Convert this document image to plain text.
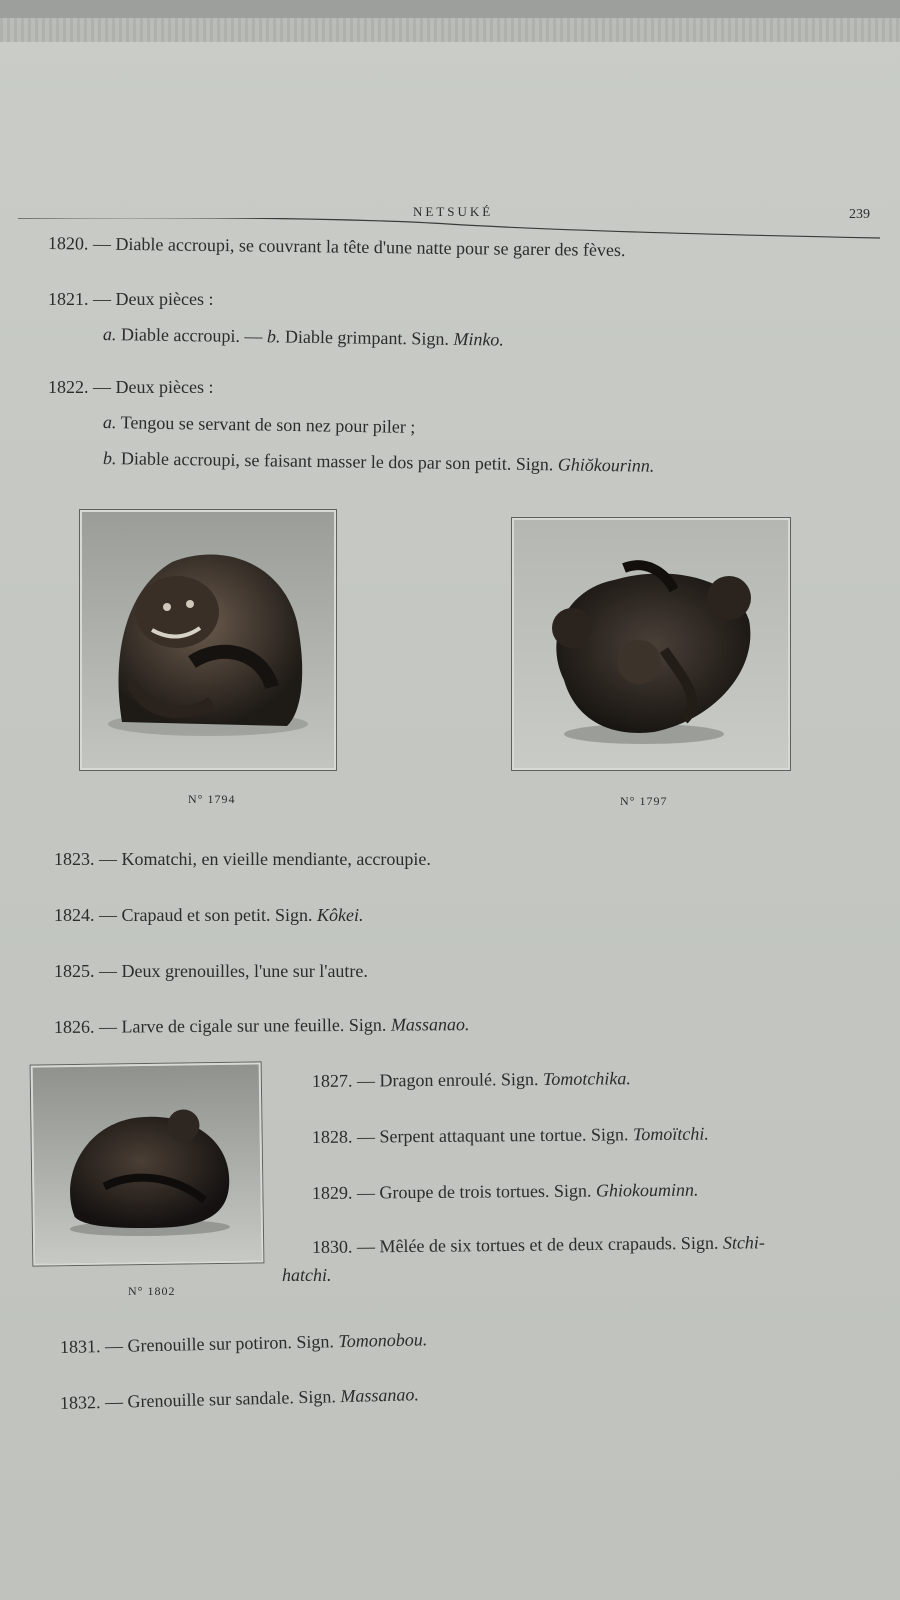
NETSUKÉ	239
1820. — Diable accroupi, se couvrant la tête d'une natte pour se garer des fèves.
1821. — Deux pièces :
a. Diable accroupi. — b. Diable grimpant. Sign. Minko.
1822. — Deux pièces :
a. Tengou se servant de son nez pour piler ;
b. Diable accroupi, se faisant masser le dos par son petit. Sign. Ghiŏkourinn.
N° 1794	N° 1797
1823. — Komatchi, en vieille mendiante, accroupie.
1824. — Crapaud et son petit. Sign. Kôkei.
1825. — Deux grenouilles, l'une sur l'autre.
1826. — Larve de cigale sur une feuille. Sign. Massanao.
N° 1802
1827. — Dragon enroulé. Sign. Tomotchika.
1828. — Serpent attaquant une tortue. Sign. Tomoïtchi.
1829. — Groupe de trois tortues. Sign. Ghiokouminn.
1830. — Mêlée de six tortues et de deux crapauds. Sign. Stchi-
hatchi.
1831. — Grenouille sur potiron. Sign. Tomonobou.
1832. — Grenouille sur sandale. Sign. Massanao.
